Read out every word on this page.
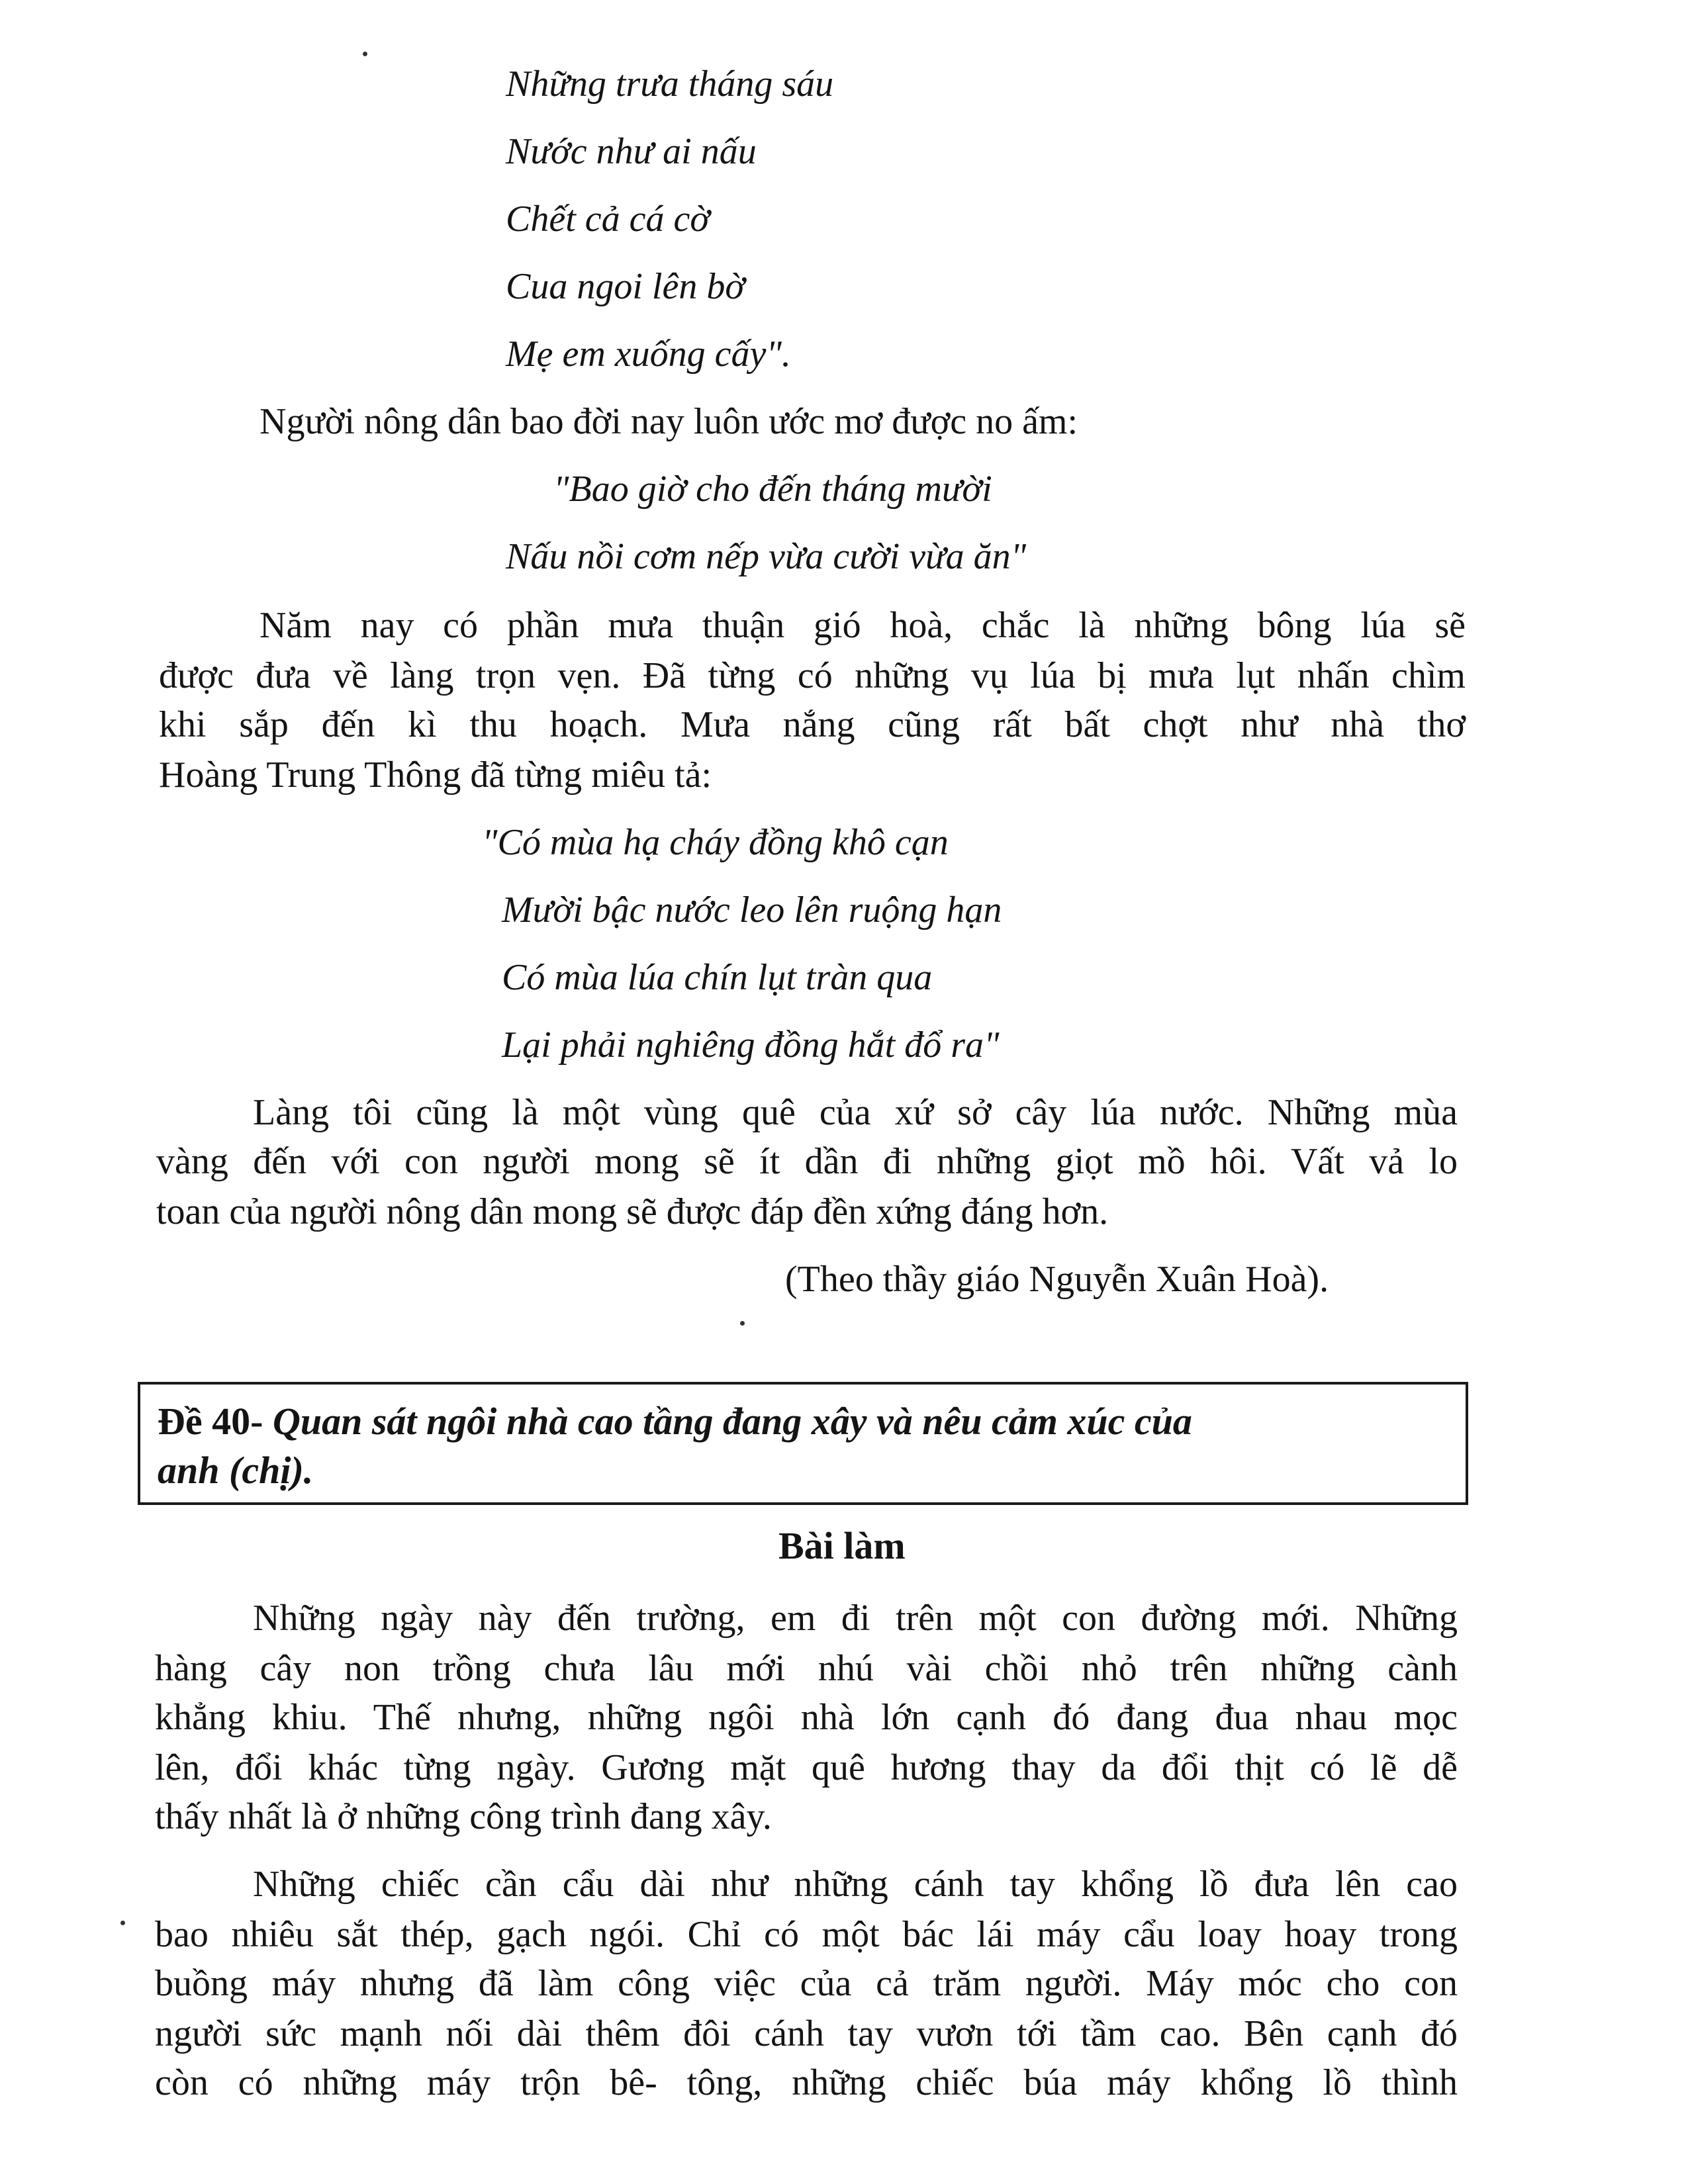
Những trưa tháng sáu
Nước như ai nấu
Chết cả cá cờ
Cua ngoi lên bờ
Mẹ em xuống cấy".
Người nông dân bao đời nay luôn ước mơ được no ấm:
"Bao giờ cho đến tháng mười
Nấu nồi cơm nếp vừa cười vừa ăn"
Năm nay có phần mưa thuận gió hoà, chắc là những bông lúa sẽ
được đưa về làng trọn vẹn. Đã từng có những vụ lúa bị mưa lụt nhấn chìm
khi sắp đến kì thu hoạch. Mưa nắng cũng rất bất chợt như nhà thơ
Hoàng Trung Thông đã từng miêu tả:
"Có mùa hạ cháy đồng khô cạn
Mười bậc nước leo lên ruộng hạn
Có mùa lúa chín lụt tràn qua
Lại phải nghiêng đồng hắt đổ ra"
Làng tôi cũng là một vùng quê của xứ sở cây lúa nước. Những mùa
vàng đến với con người mong sẽ ít dần đi những giọt mồ hôi. Vất vả lo
toan của người nông dân mong sẽ được đáp đền xứng đáng hơn.
(Theo thầy giáo Nguyễn Xuân Hoà).
Đề 40- Quan sát ngôi nhà cao tầng đang xây và nêu cảm xúc của
anh (chị).
Bài làm
Những ngày này đến trường, em đi trên một con đường mới. Những
hàng cây non trồng chưa lâu mới nhú vài chồi nhỏ trên những cành
khẳng khiu. Thế nhưng, những ngôi nhà lớn cạnh đó đang đua nhau mọc
lên, đổi khác từng ngày. Gương mặt quê hương thay da đổi thịt có lẽ dễ
thấy nhất là ở những công trình đang xây.
Những chiếc cần cẩu dài như những cánh tay khổng lồ đưa lên cao
bao nhiêu sắt thép, gạch ngói. Chỉ có một bác lái máy cẩu loay hoay trong
buồng máy nhưng đã làm công việc của cả trăm người. Máy móc cho con
người sức mạnh nối dài thêm đôi cánh tay vươn tới tầm cao. Bên cạnh đó
còn có những máy trộn bê- tông, những chiếc búa máy khổng lồ thình
